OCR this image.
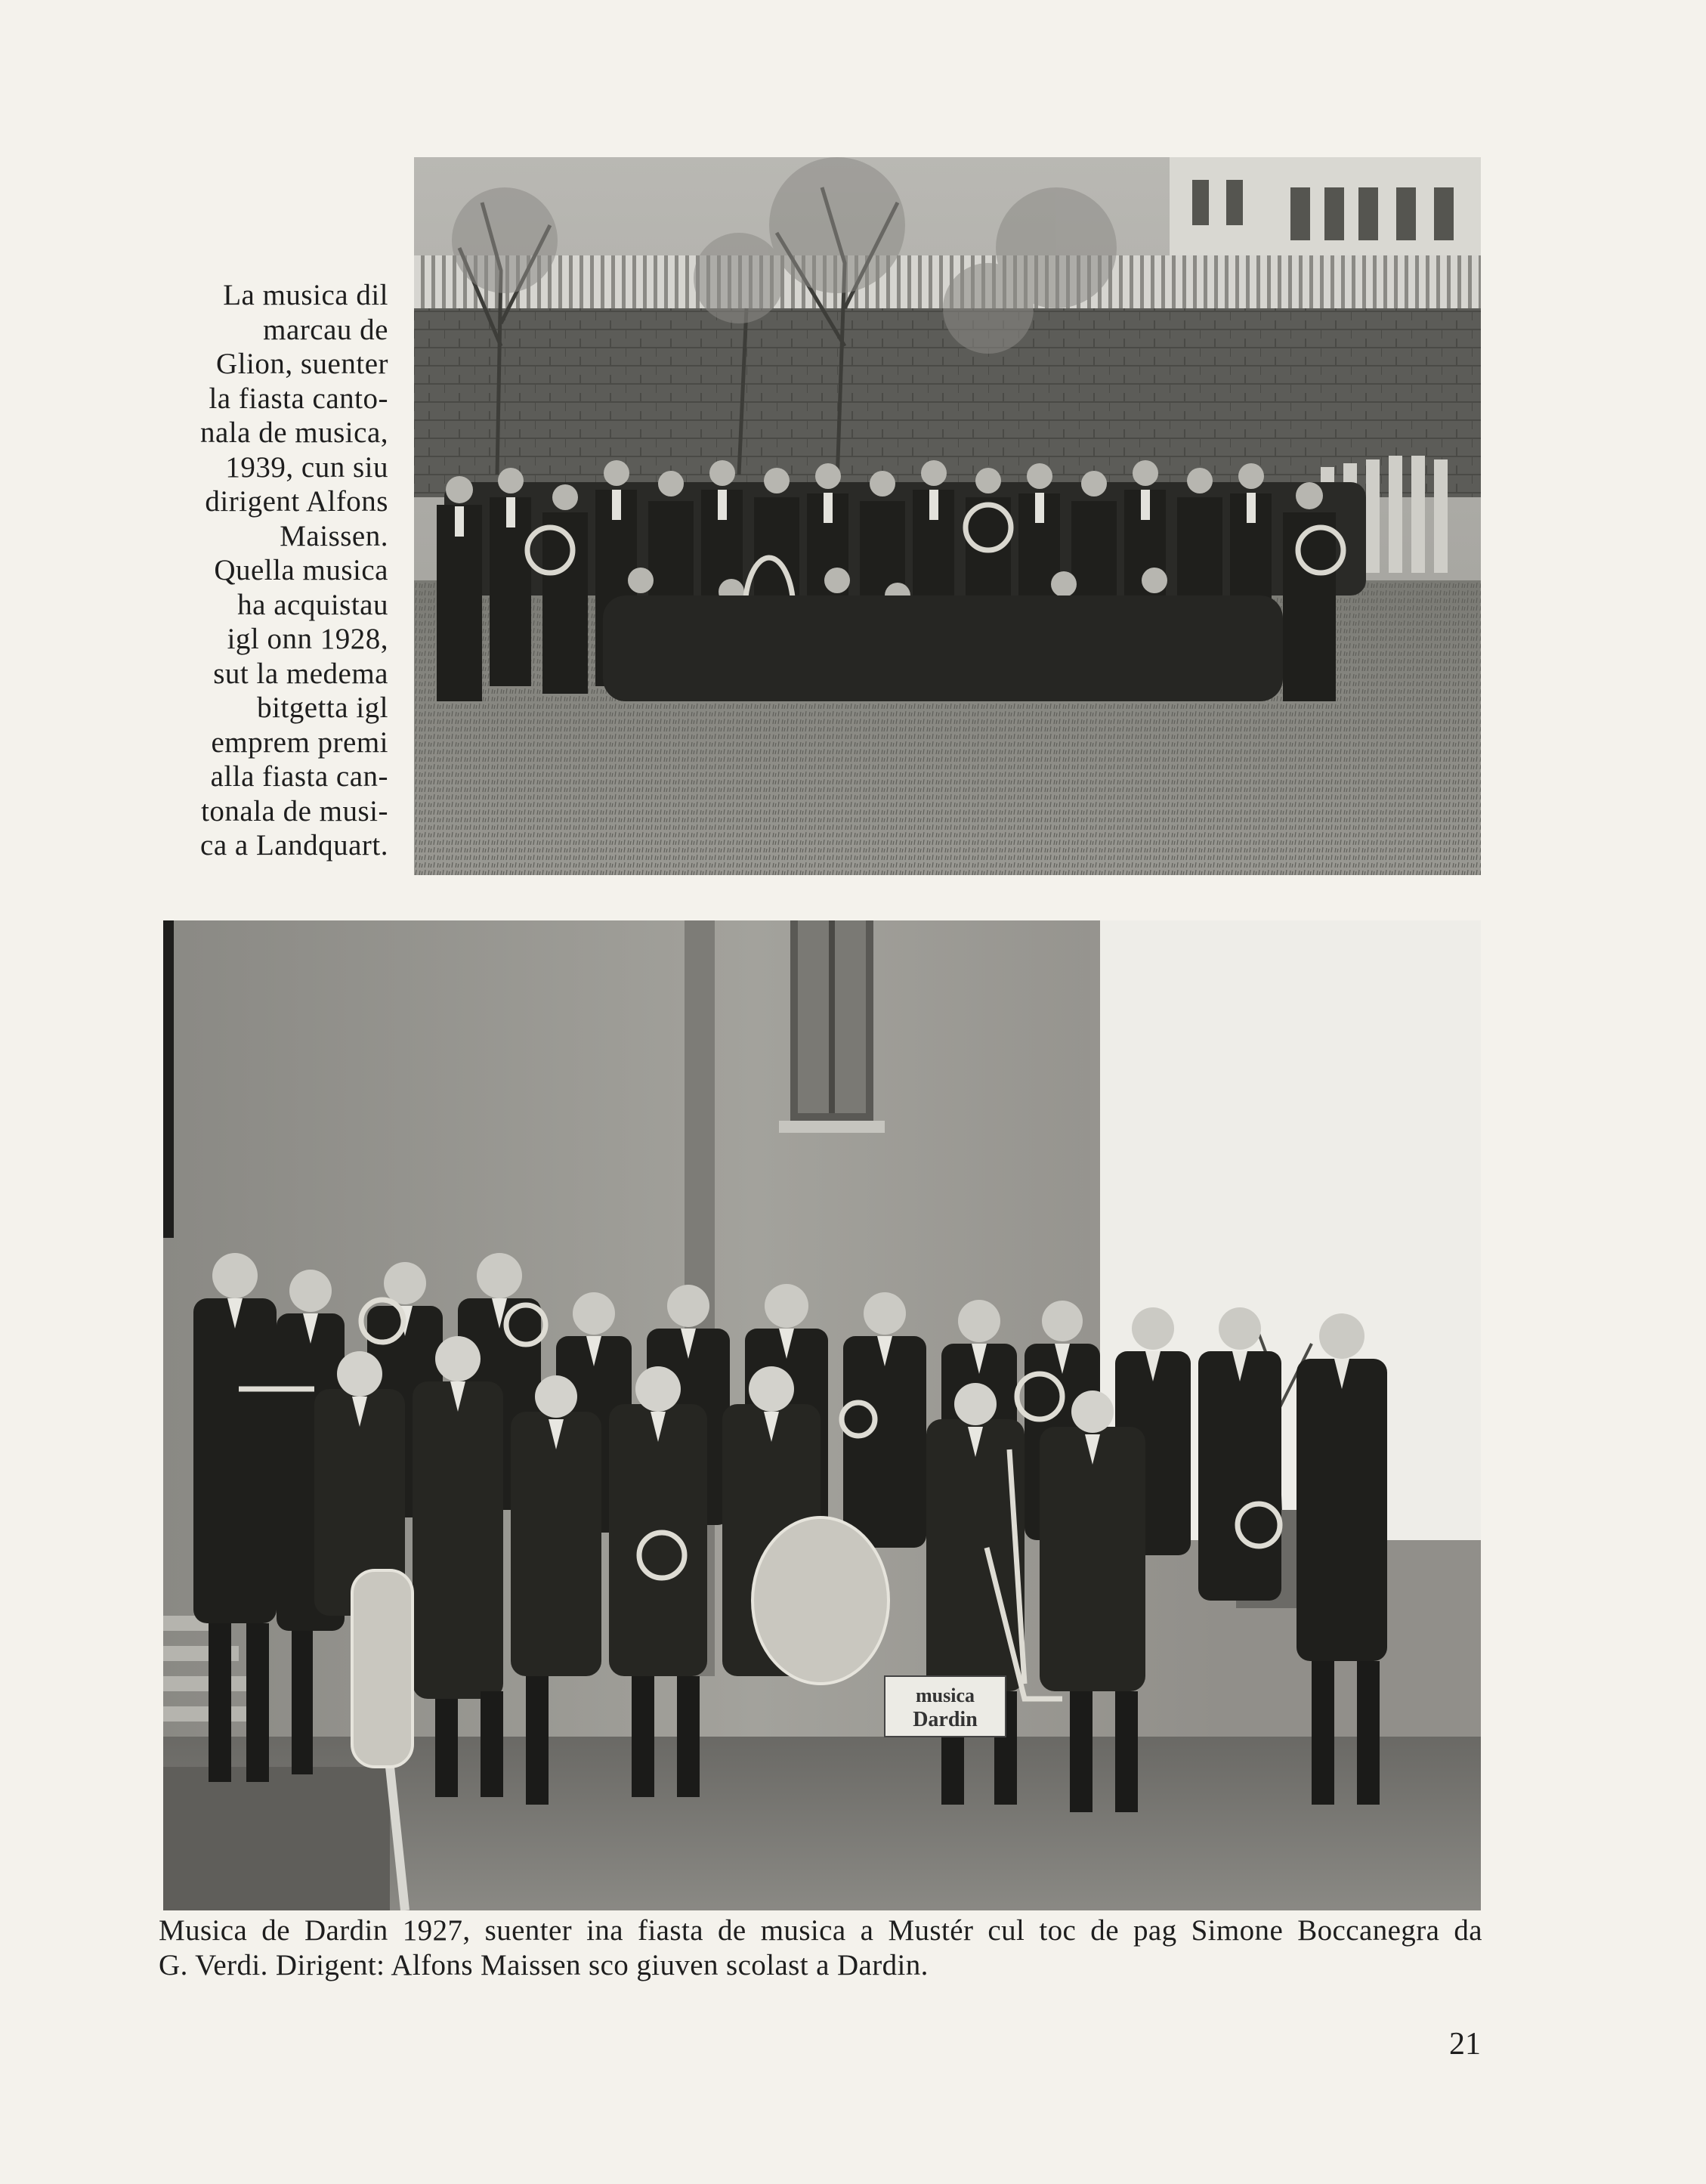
La musica dil
marcau de
Glion, suenter
la fiasta canto-
nala de musica,
1939, cun siu
dirigent Alfons
Maissen.
Quella musica
ha acquistau
igl onn 1928,
sut la medema
bitgetta igl
emprem premi
alla fiasta can-
tonala de musi-
ca a Landquart.
musica
Dardin
Musica de Dardin 1927, suenter ina fiasta de musica a Mustér cul toc de pag Simone Boccanegra da
G. Verdi. Dirigent: Alfons Maissen sco giuven scolast a Dardin.
21
